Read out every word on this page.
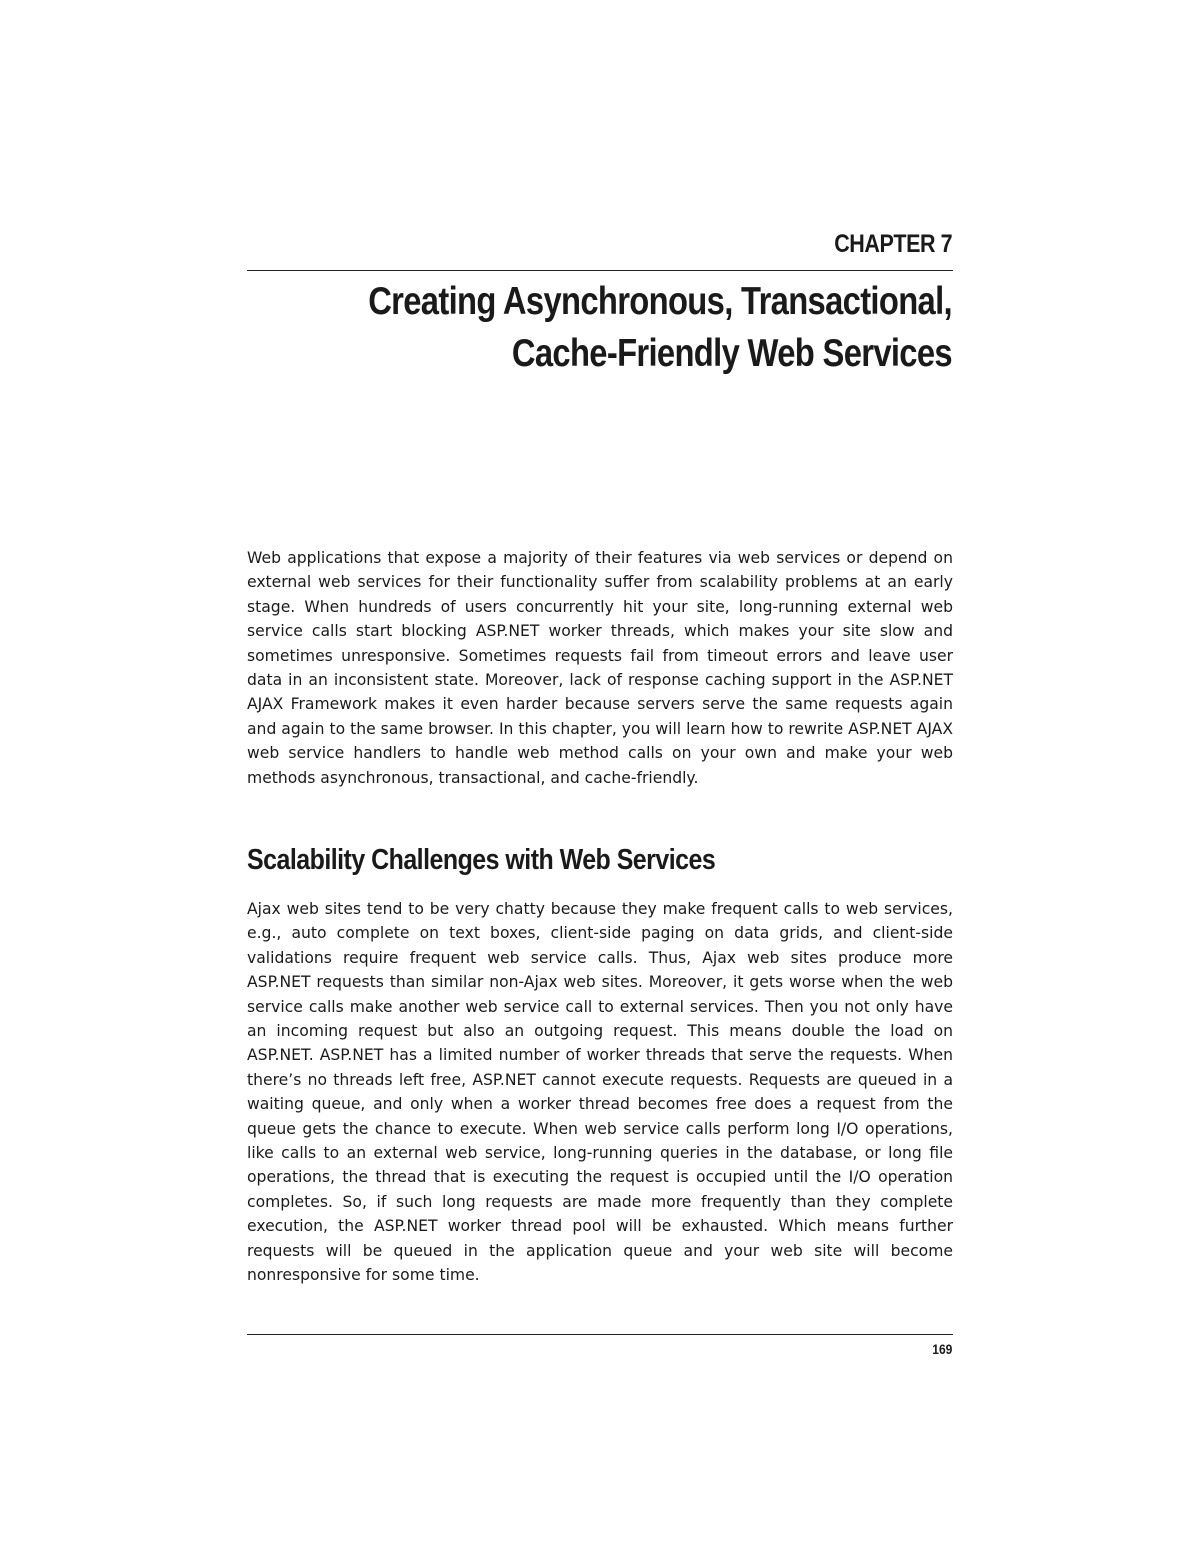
CHAPTER 7
Creating Asynchronous, Transactional,
Cache-Friendly Web Services

Web applications that expose a majority of their features via web services or depend on external web services for their functionality suffer from scalability problems at an early stage. When hundreds of users concurrently hit your site, long-running external web service calls start blocking ASP.NET worker threads, which makes your site slow and sometimes unresponsive. Sometimes requests fail from timeout errors and leave user data in an inconsistent state. Moreover, lack of response caching support in the ASP.NET AJAX Framework makes it even harder because servers serve the same requests again and again to the same browser. In this chapter, you will learn how to rewrite ASP.NET AJAX web service handlers to handle web method calls on your own and make your web methods asynchronous, transactional, and cache-friendly.

Scalability Challenges with Web Services

Ajax web sites tend to be very chatty because they make frequent calls to web services, e.g., auto complete on text boxes, client-side paging on data grids, and client-side validations require frequent web service calls. Thus, Ajax web sites produce more ASP.NET requests than similar non-Ajax web sites. Moreover, it gets worse when the web service calls make another web service call to external services. Then you not only have an incoming request but also an outgoing request. This means double the load on ASP.NET. ASP.NET has a limited number of worker threads that serve the requests. When there’s no threads left free, ASP.NET cannot execute requests. Requests are queued in a waiting queue, and only when a worker thread becomes free does a request from the queue gets the chance to execute. When web service calls perform long I/O operations, like calls to an external web service, long-running queries in the database, or long file operations, the thread that is executing the request is occupied until the I/O operation completes. So, if such long requests are made more frequently than they complete execution, the ASP.NET worker thread pool will be exhausted. Which means further requests will be queued in the application queue and your web site will become nonresponsive for some time.

169
